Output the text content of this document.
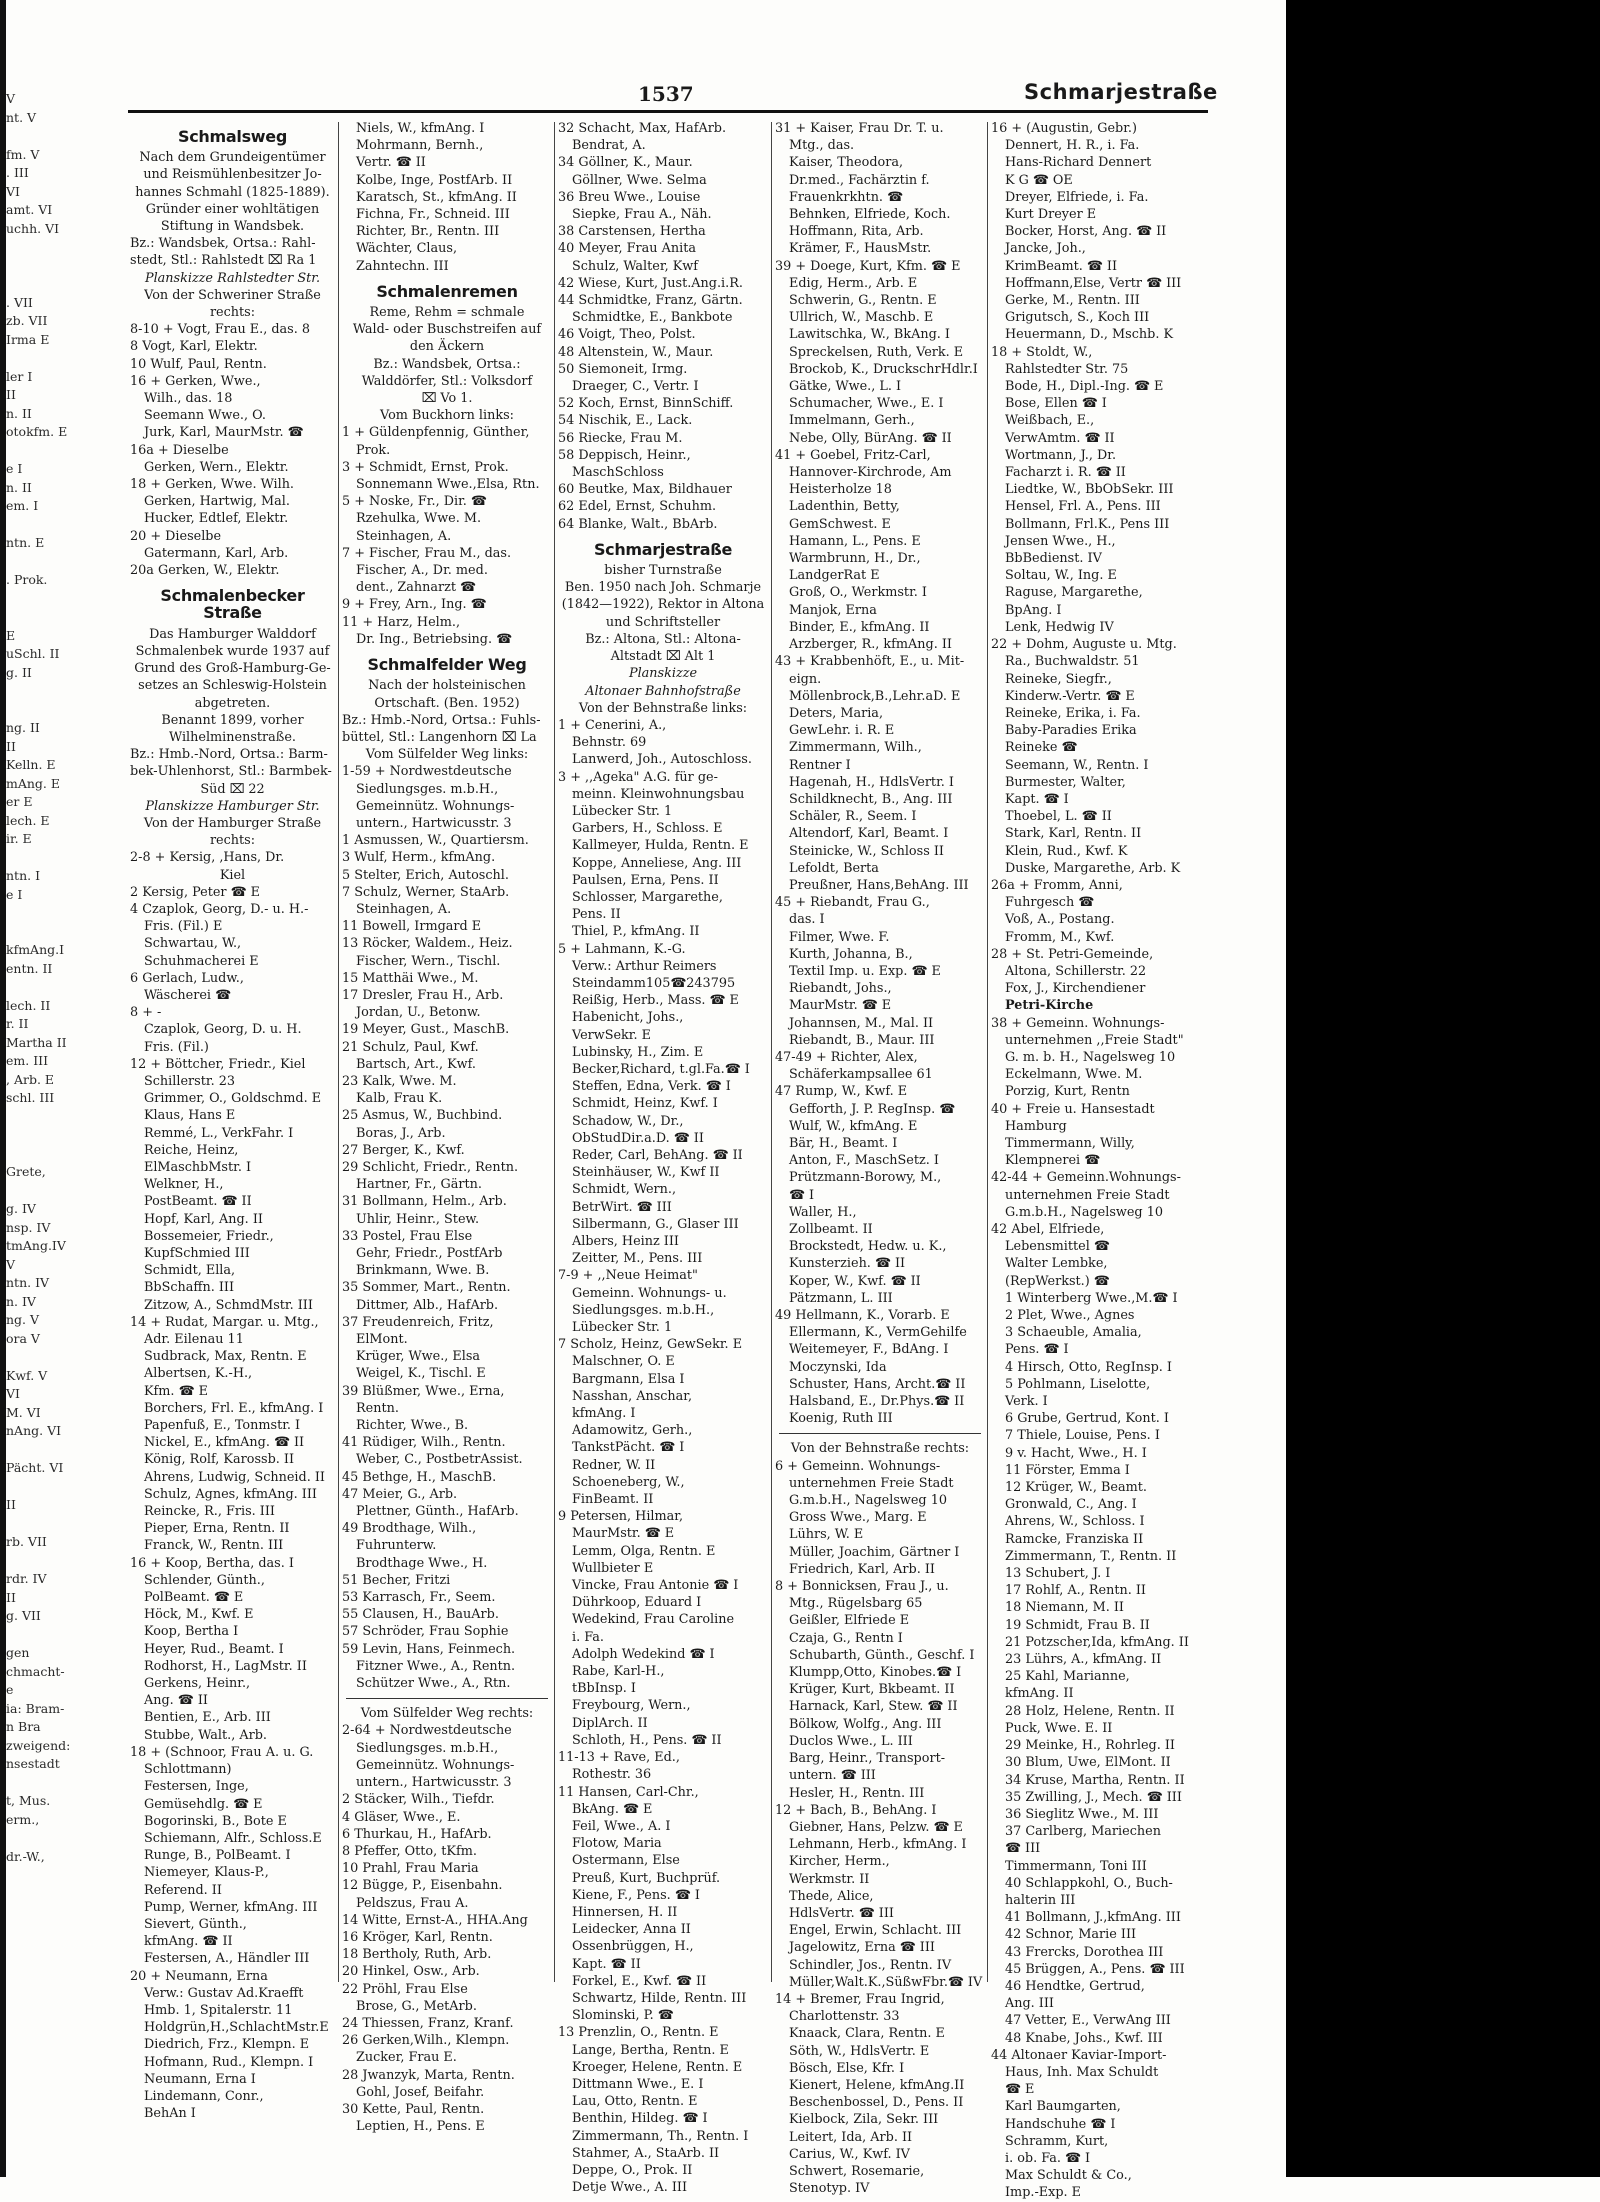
V
nt. V

fm. V
. III
VI
amt. VI
uchh. VI

. VII
zb. VII
Irma E

ler I
II
n. II
otokfm. E

e I
n. II
em. I

ntn. E

. Prok.

E
uSchl. II
g. II

ng. II
II
Kelln. E
mAng. E
er E
lech. E
ir. E

ntn. I
e I

kfmAng.I
entn. II

lech. II
r. II
Martha II
em. III
, Arb. E
schl. III

Grete,

g. IV
nsp. IV
tmAng.IV
V
ntn. IV
n. IV
ng. V
ora V

Kwf. V
VI
M. VI
nAng. VI

Pächt. VI

II

rb. VII

rdr. IV
II
g. VII

gen
chmacht-
e
ia: Bram-
n Bra
zweigend:
nsestadt

t, Mus.
erm.,

dr.-W.,
1537	Schmarjestraße
Schmalsweg
Nach dem Grundeigentümer
und Reismühlenbesitzer Jo-
hannes Schmahl (1825-1889).
Gründer einer wohltätigen
Stiftung in Wandsbek.
Bz.: Wandsbek, Ortsa.: Rahl-
stedt, Stl.: Rahlstedt ⌧ Ra 1
Planskizze Rahlstedter Str.
Von der Schweriner Straße
rechts:
8-10 + Vogt, Frau E., das. 8
8 Vogt, Karl, Elektr.
10 Wulf, Paul, Rentn.
16 + Gerken, Wwe.,
Wilh., das. 18
Seemann Wwe., O.
Jurk, Karl, MaurMstr. ☎
16a + Dieselbe
Gerken, Wern., Elektr.
18 + Gerken, Wwe. Wilh.
Gerken, Hartwig, Mal.
Hucker, Edtlef, Elektr.
20 + Dieselbe
Gatermann, Karl, Arb.
20a Gerken, W., Elektr.
Schmalenbecker Straße
Das Hamburger Walddorf
Schmalenbek wurde 1937 auf
Grund des Groß-Hamburg-Ge-
setzes an Schleswig-Holstein
abgetreten.
Benannt 1899, vorher
Wilhelminenstraße.
Bz.: Hmb.-Nord, Ortsa.: Barm-
bek-Uhlenhorst, Stl.: Barmbek-
Süd ⌧ 22
Planskizze Hamburger Str.
Von der Hamburger Straße
rechts:
2-8 + Kersig, ,Hans, Dr.
Kiel
2 Kersig, Peter ☎ E
4 Czaplok, Georg, D.- u. H.-
Fris. (Fil.) E
Schwartau, W.,
Schuhmacherei E
6 Gerlach, Ludw.,
Wäscherei ☎
8 + -
Czaplok, Georg, D. u. H.
Fris. (Fil.)
12 + Böttcher, Friedr., Kiel
Schillerstr. 23
Grimmer, O., Goldschmd. E
Klaus, Hans E
Remmé, L., VerkFahr. I
Reiche, Heinz,
ElMaschbMstr. I
Welkner, H.,
PostBeamt. ☎ II
Hopf, Karl, Ang. II
Bossemeier, Friedr.,
KupfSchmied III
Schmidt, Ella,
BbSchaffn. III
Zitzow, A., SchmdMstr. III
14 + Rudat, Margar. u. Mtg.,
Adr. Eilenau 11
Sudbrack, Max, Rentn. E
Albertsen, K.-H.,
Kfm. ☎ E
Borchers, Frl. E., kfmAng. I
Papenfuß, E., Tonmstr. I
Nickel, E., kfmAng. ☎ II
König, Rolf, Karossb. II
Ahrens, Ludwig, Schneid. II
Schulz, Agnes, kfmAng. III
Reincke, R., Fris. III
Pieper, Erna, Rentn. II
Franck, W., Rentn. III
16 + Koop, Bertha, das. I
Schlender, Günth.,
PolBeamt. ☎ E
Höck, M., Kwf. E
Koop, Bertha I
Heyer, Rud., Beamt. I
Rodhorst, H., LagMstr. II
Gerkens, Heinr.,
Ang. ☎ II
Bentien, E., Arb. III
Stubbe, Walt., Arb.
18 + (Schnoor, Frau A. u. G.
Schlottmann)
Festersen, Inge,
Gemüsehdlg. ☎ E
Bogorinski, B., Bote E
Schiemann, Alfr., Schloss.E
Runge, B., PolBeamt. I
Niemeyer, Klaus-P.,
Referend. II
Pump, Werner, kfmAng. III
Sievert, Günth.,
kfmAng. ☎ II
Festersen, A., Händler III
20 + Neumann, Erna
Verw.: Gustav Ad.Kraefft
Hmb. 1, Spitalerstr. 11
Holdgrün,H.,SchlachtMstr.E
Diedrich, Frz., Klempn. E
Hofmann, Rud., Klempn. I
Neumann, Erna I
Lindemann, Conr.,
BehAn I
Niels, W., kfmAng. I
Mohrmann, Bernh.,
Vertr. ☎ II
Kolbe, Inge, PostfArb. II
Karatsch, St., kfmAng. II
Fichna, Fr., Schneid. III
Richter, Br., Rentn. III
Wächter, Claus,
Zahntechn. III
Schmalenremen
Reme, Rehm = schmale
Wald- oder Buschstreifen auf
den Äckern
Bz.: Wandsbek, Ortsa.:
Walddörfer, Stl.: Volksdorf
⌧ Vo 1.
Vom Buckhorn links:
1 + Güldenpfennig, Günther,
Prok.
3 + Schmidt, Ernst, Prok.
Sonnemann Wwe.,Elsa, Rtn.
5 + Noske, Fr., Dir. ☎
Rzehulka, Wwe. M.
Steinhagen, A.
7 + Fischer, Frau M., das.
Fischer, A., Dr. med.
dent., Zahnarzt ☎
9 + Frey, Arn., Ing. ☎
11 + Harz, Helm.,
Dr. Ing., Betriebsing. ☎
Schmalfelder Weg
Nach der holsteinischen
Ortschaft. (Ben. 1952)
Bz.: Hmb.-Nord, Ortsa.: Fuhls-
büttel, Stl.: Langenhorn ⌧ La
Vom Sülfelder Weg links:
1-59 + Nordwestdeutsche
Siedlungsges. m.b.H.,
Gemeinnütz. Wohnungs-
untern., Hartwicusstr. 3
1 Asmussen, W., Quartiersm.
3 Wulf, Herm., kfmAng.
5 Stelter, Erich, Autoschl.
7 Schulz, Werner, StaArb.
Steinhagen, A.
11 Bowell, Irmgard E
13 Röcker, Waldem., Heiz.
Fischer, Wern., Tischl.
15 Matthäi Wwe., M.
17 Dresler, Frau H., Arb.
Jordan, U., Betonw.
19 Meyer, Gust., MaschB.
21 Schulz, Paul, Kwf.
Bartsch, Art., Kwf.
23 Kalk, Wwe. M.
Kalb, Frau K.
25 Asmus, W., Buchbind.
Boras, J., Arb.
27 Berger, K., Kwf.
29 Schlicht, Friedr., Rentn.
Hartner, Fr., Gärtn.
31 Bollmann, Helm., Arb.
Uhlir, Heinr., Stew.
33 Postel, Frau Else
Gehr, Friedr., PostfArb
Brinkmann, Wwe. B.
35 Sommer, Mart., Rentn.
Dittmer, Alb., HafArb.
37 Freudenreich, Fritz,
ElMont.
Krüger, Wwe., Elsa
Weigel, K., Tischl. E
39 Blüßmer, Wwe., Erna,
Rentn.
Richter, Wwe., B.
41 Rüdiger, Wilh., Rentn.
Weber, C., PostbetrAssist.
45 Bethge, H., MaschB.
47 Meier, G., Arb.
Plettner, Günth., HafArb.
49 Brodthage, Wilh.,
Fuhrunterw.
Brodthage Wwe., H.
51 Becher, Fritzi
53 Karrasch, Fr., Seem.
55 Clausen, H., BauArb.
57 Schröder, Frau Sophie
59 Levin, Hans, Feinmech.
Fitzner Wwe., A., Rentn.
Schützer Wwe., A., Rtn.
Vom Sülfelder Weg rechts:
2-64 + Nordwestdeutsche
Siedlungsges. m.b.H.,
Gemeinnütz. Wohnungs-
untern., Hartwicusstr. 3
2 Stäcker, Wilh., Tiefdr.
4 Gläser, Wwe., E.
6 Thurkau, H., HafArb.
8 Pfeffer, Otto, tKfm.
10 Prahl, Frau Maria
12 Bügge, P., Eisenbahn.
Peldszus, Frau A.
14 Witte, Ernst-A., HHA.Ang
16 Kröger, Karl, Rentn.
18 Bertholy, Ruth, Arb.
20 Hinkel, Osw., Arb.
22 Pröhl, Frau Else
Brose, G., MetArb.
24 Thiessen, Franz, Kranf.
26 Gerken,Wilh., Klempn.
Zucker, Frau E.
28 Jwanzyk, Marta, Rentn.
Gohl, Josef, Beifahr.
30 Kette, Paul, Rentn.
Leptien, H., Pens. E
32 Schacht, Max, HafArb.
Bendrat, A.
34 Göllner, K., Maur.
Göllner, Wwe. Selma
36 Breu Wwe., Louise
Siepke, Frau A., Näh.
38 Carstensen, Hertha
40 Meyer, Frau Anita
Schulz, Walter, Kwf
42 Wiese, Kurt, Just.Ang.i.R.
44 Schmidtke, Franz, Gärtn.
Schmidtke, E., Bankbote
46 Voigt, Theo, Polst.
48 Altenstein, W., Maur.
50 Siemoneit, Irmg.
Draeger, C., Vertr. I
52 Koch, Ernst, BinnSchiff.
54 Nischik, E., Lack.
56 Riecke, Frau M.
58 Deppisch, Heinr.,
MaschSchloss
60 Beutke, Max, Bildhauer
62 Edel, Ernst, Schuhm.
64 Blanke, Walt., BbArb.
Schmarjestraße
bisher Turnstraße
Ben. 1950 nach Joh. Schmarje
(1842—1922), Rektor in Altona
und Schriftsteller
Bz.: Altona, Stl.: Altona-
Altstadt ⌧ Alt 1
Planskizze
Altonaer Bahnhofstraße
Von der Behnstraße links:
1 + Cenerini, A.,
Behnstr. 69
Lanwerd, Joh., Autoschloss.
3 + ,,Ageka" A.G. für ge-
meinn. Kleinwohnungsbau
Lübecker Str. 1
Garbers, H., Schloss. E
Kallmeyer, Hulda, Rentn. E
Koppe, Anneliese, Ang. III
Paulsen, Erna, Pens. II
Schlosser, Margarethe,
Pens. II
Thiel, P., kfmAng. II
5 + Lahmann, K.-G.
Verw.: Arthur Reimers
Steindamm105☎243795
Reißig, Herb., Mass. ☎ E
Habenicht, Johs.,
VerwSekr. E
Lubinsky, H., Zim. E
Becker,Richard, t.gl.Fa.☎ I
Steffen, Edna, Verk. ☎ I
Schmidt, Heinz, Kwf. I
Schadow, W., Dr.,
ObStudDir.a.D. ☎ II
Reder, Carl, BehAng. ☎ II
Steinhäuser, W., Kwf II
Schmidt, Wern.,
BetrWirt. ☎ III
Silbermann, G., Glaser III
Albers, Heinz III
Zeitter, M., Pens. III
7-9 + ,,Neue Heimat"
Gemeinn. Wohnungs- u.
Siedlungsges. m.b.H.,
Lübecker Str. 1
7 Scholz, Heinz, GewSekr. E
Malschner, O. E
Bargmann, Elsa I
Nasshan, Anschar,
kfmAng. I
Adamowitz, Gerh.,
TankstPächt. ☎ I
Redner, W. II
Schoeneberg, W.,
FinBeamt. II
9 Petersen, Hilmar,
MaurMstr. ☎ E
Lemm, Olga, Rentn. E
Wullbieter E
Vincke, Frau Antonie ☎ I
Dührkoop, Eduard I
Wedekind, Frau Caroline
i. Fa.
Adolph Wedekind ☎ I
Rabe, Karl-H.,
tBbInsp. I
Freybourg, Wern.,
DiplArch. II
Schloth, H., Pens. ☎ II
11-13 + Rave, Ed.,
Rothestr. 36
11 Hansen, Carl-Chr.,
BkAng. ☎ E
Feil, Wwe., A. I
Flotow, Maria
Ostermann, Else
Preuß, Kurt, Buchprüf.
Kiene, F., Pens. ☎ I
Hinnersen, H. II
Leidecker, Anna II
Ossenbrüggen, H.,
Kapt. ☎ II
Forkel, E., Kwf. ☎ II
Schwartz, Hilde, Rentn. III
Slominski, P. ☎
13 Prenzlin, O., Rentn. E
Lange, Bertha, Rentn. E
Kroeger, Helene, Rentn. E
Dittmann Wwe., E. I
Lau, Otto, Rentn. E
Benthin, Hildeg. ☎ I
Zimmermann, Th., Rentn. I
Stahmer, A., StaArb. II
Deppe, O., Prok. II
Detje Wwe., A. III
31 + Kaiser, Frau Dr. T. u.
Mtg., das.
Kaiser, Theodora,
Dr.med., Fachärztin f.
Frauenkrkhtn. ☎
Behnken, Elfriede, Koch.
Hoffmann, Rita, Arb.
Krämer, F., HausMstr.
39 + Doege, Kurt, Kfm. ☎ E
Edig, Herm., Arb. E
Schwerin, G., Rentn. E
Ullrich, W., Maschb. E
Lawitschka, W., BkAng. I
Spreckelsen, Ruth, Verk. E
Brockob, K., DruckschrHdlr.I
Gätke, Wwe., L. I
Schumacher, Wwe., E. I
Immelmann, Gerh.,
Nebe, Olly, BürAng. ☎ II
41 + Goebel, Fritz-Carl,
Hannover-Kirchrode, Am
Heisterholze 18
Ladenthin, Betty,
GemSchwest. E
Hamann, L., Pens. E
Warmbrunn, H., Dr.,
LandgerRat E
Groß, O., Werkmstr. I
Manjok, Erna
Binder, E., kfmAng. II
Arzberger, R., kfmAng. II
43 + Krabbenhöft, E., u. Mit-
eign.
Möllenbrock,B.,Lehr.aD. E
Deters, Maria,
GewLehr. i. R. E
Zimmermann, Wilh.,
Rentner I
Hagenah, H., HdlsVertr. I
Schildknecht, B., Ang. III
Schäler, R., Seem. I
Altendorf, Karl, Beamt. I
Steinicke, W., Schloss II
Lefoldt, Berta
Preußner, Hans,BehAng. III
45 + Riebandt, Frau G.,
das. I
Filmer, Wwe. F.
Kurth, Johanna, B.,
Textil Imp. u. Exp. ☎ E
Riebandt, Johs.,
MaurMstr. ☎ E
Johannsen, M., Mal. II
Riebandt, B., Maur. III
47-49 + Richter, Alex,
Schäferkampsallee 61
47 Rump, W., Kwf. E
Gefforth, J. P. RegInsp. ☎
Wulf, W., kfmAng. E
Bär, H., Beamt. I
Anton, F., MaschSetz. I
Prützmann-Borowy, M.,
☎ I
Waller, H.,
Zollbeamt. II
Brockstedt, Hedw. u. K.,
Kunsterzieh. ☎ II
Koper, W., Kwf. ☎ II
Pätzmann, L. III
49 Hellmann, K., Vorarb. E
Ellermann, K., VermGehilfe
Weitemeyer, F., BdAng. I
Moczynski, Ida
Schuster, Hans, Archt.☎ II
Halsband, E., Dr.Phys.☎ II
Koenig, Ruth III
Von der Behnstraße rechts:
6 + Gemeinn. Wohnungs-
unternehmen Freie Stadt
G.m.b.H., Nagelsweg 10
Gross Wwe., Marg. E
Lührs, W. E
Müller, Joachim, Gärtner I
Friedrich, Karl, Arb. II
8 + Bonnicksen, Frau J., u.
Mtg., Rügelsbarg 65
Geißler, Elfriede E
Czaja, G., Rentn I
Schubarth, Günth., Geschf. I
Klumpp,Otto, Kinobes.☎ I
Krüger, Kurt, Bkbeamt. II
Harnack, Karl, Stew. ☎ II
Bölkow, Wolfg., Ang. III
Duclos Wwe., L. III
Barg, Heinr., Transport-
untern. ☎ III
Hesler, H., Rentn. III
12 + Bach, B., BehAng. I
Giebner, Hans, Pelzw. ☎ E
Lehmann, Herb., kfmAng. I
Kircher, Herm.,
Werkmstr. II
Thede, Alice,
HdlsVertr. ☎ III
Engel, Erwin, Schlacht. III
Jagelowitz, Erna ☎ III
Schindler, Jos., Rentn. IV
Müller,Walt.K.,SüßwFbr.☎ IV
14 + Bremer, Frau Ingrid,
Charlottenstr. 33
Knaack, Clara, Rentn. E
Söth, W., HdlsVertr. E
Bösch, Else, Kfr. I
Kienert, Helene, kfmAng.II
Beschenbossel, D., Pens. II
Kielbock, Zila, Sekr. III
Leitert, Ida, Arb. II
Carius, W., Kwf. IV
Schwert, Rosemarie,
Stenotyp. IV
16 + (Augustin, Gebr.)
Dennert, H. R., i. Fa.
Hans-Richard Dennert
K G ☎ OE
Dreyer, Elfriede, i. Fa.
Kurt Dreyer E
Bocker, Horst, Ang. ☎ II
Jancke, Joh.,
KrimBeamt. ☎ II
Hoffmann,Else, Vertr ☎ III
Gerke, M., Rentn. III
Grigutsch, S., Koch III
Heuermann, D., Mschb. K
18 + Stoldt, W.,
Rahlstedter Str. 75
Bode, H., Dipl.-Ing. ☎ E
Bose, Ellen ☎ I
Weißbach, E.,
VerwAmtm. ☎ II
Wortmann, J., Dr.
Facharzt i. R. ☎ II
Liedtke, W., BbObSekr. III
Hensel, Frl. A., Pens. III
Bollmann, Frl.K., Pens III
Jensen Wwe., H.,
BbBedienst. IV
Soltau, W., Ing. E
Raguse, Margarethe,
BpAng. I
Lenk, Hedwig IV
22 + Dohm, Auguste u. Mtg.
Ra., Buchwaldstr. 51
Reineke, Siegfr.,
Kinderw.-Vertr. ☎ E
Reineke, Erika, i. Fa.
Baby-Paradies Erika
Reineke ☎
Seemann, W., Rentn. I
Burmester, Walter,
Kapt. ☎ I
Thoebel, L. ☎ II
Stark, Karl, Rentn. II
Klein, Rud., Kwf. K
Duske, Margarethe, Arb. K
26a + Fromm, Anni,
Fuhrgesch ☎
Voß, A., Postang.
Fromm, M., Kwf.
28 + St. Petri-Gemeinde,
Altona, Schillerstr. 22
Fox, J., Kirchendiener
Petri-Kirche
38 + Gemeinn. Wohnungs-
unternehmen ,,Freie Stadt"
G. m. b. H., Nagelsweg 10
Eckelmann, Wwe. M.
Porzig, Kurt, Rentn
40 + Freie u. Hansestadt
Hamburg
Timmermann, Willy,
Klempnerei ☎
42-44 + Gemeinn.Wohnungs-
unternehmen Freie Stadt
G.m.b.H., Nagelsweg 10
42 Abel, Elfriede,
Lebensmittel ☎
Walter Lembke,
(RepWerkst.) ☎
1 Winterberg Wwe.,M.☎ I
2 Plet, Wwe., Agnes
3 Schaeuble, Amalia,
Pens. ☎ I
4 Hirsch, Otto, RegInsp. I
5 Pohlmann, Liselotte,
Verk. I
6 Grube, Gertrud, Kont. I
7 Thiele, Louise, Pens. I
9 v. Hacht, Wwe., H. I
11 Förster, Emma I
12 Krüger, W., Beamt.
Gronwald, C., Ang. I
Ahrens, W., Schloss. I
Ramcke, Franziska II
Zimmermann, T., Rentn. II
13 Schubert, J. I
17 Rohlf, A., Rentn. II
18 Niemann, M. II
19 Schmidt, Frau B. II
21 Potzscher,Ida, kfmAng. II
23 Lührs, A., kfmAng. II
25 Kahl, Marianne,
kfmAng. II
28 Holz, Helene, Rentn. II
Puck, Wwe. E. II
29 Meinke, H., Rohrleg. II
30 Blum, Uwe, ElMont. II
34 Kruse, Martha, Rentn. II
35 Zwilling, J., Mech. ☎ III
36 Sieglitz Wwe., M. III
37 Carlberg, Mariechen
☎ III
Timmermann, Toni III
40 Schlappkohl, O., Buch-
halterin III
41 Bollmann, J.,kfmAng. III
42 Schnor, Marie III
43 Frercks, Dorothea III
45 Brüggen, A., Pens. ☎ III
46 Hendtke, Gertrud,
Ang. III
47 Vetter, E., VerwAng III
48 Knabe, Johs., Kwf. III
44 Altonaer Kaviar-Import-
Haus, Inh. Max Schuldt
☎ E
Karl Baumgarten,
Handschuhe ☎ I
Schramm, Kurt,
i. ob. Fa. ☎ I
Max Schuldt & Co.,
Imp.-Exp. E
